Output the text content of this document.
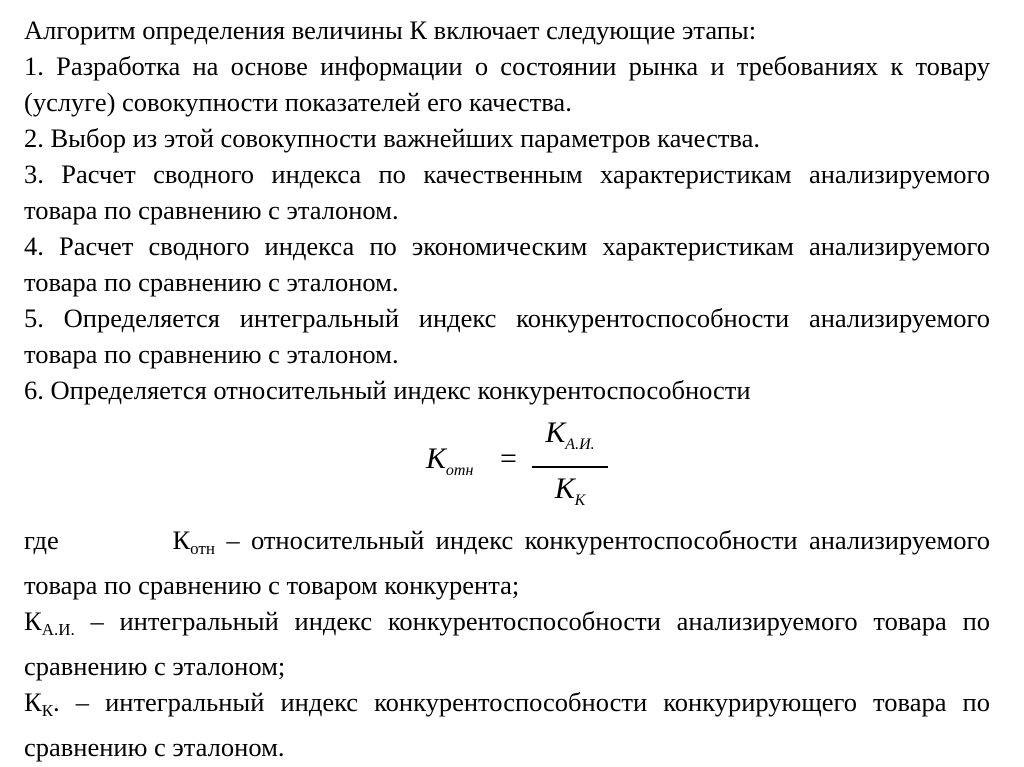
Алгоритм определения величины К включает следующие этапы:
1. Разработка на основе информации о состоянии рынка и требованиях к товару (услуге) совокупности показателей его качества.
2. Выбор из этой совокупности важнейших параметров качества.
3. Расчет сводного индекса по качественным характеристикам анализируемого товара по сравнению с эталоном.
4. Расчет сводного индекса по экономическим характеристикам анализируемого товара по сравнению с эталоном.
5. Определяется интегральный индекс конкурентоспособности анализируемого товара по сравнению с эталоном.
6. Определяется относительный индекс конкурентоспособности
$К_{отн}$ =
$К_{А.И.}$
$К_К$
где	$К_{отн}$ – относительный индекс конкурентоспособности анализируемого товара по сравнению с товаром конкурента;
$К_{А.И.}$ – интегральный индекс конкурентоспособности анализируемого товара по сравнению с эталоном;
$К_К$. – интегральный индекс конкурентоспособности конкурирующего товара по сравнению с эталоном.
